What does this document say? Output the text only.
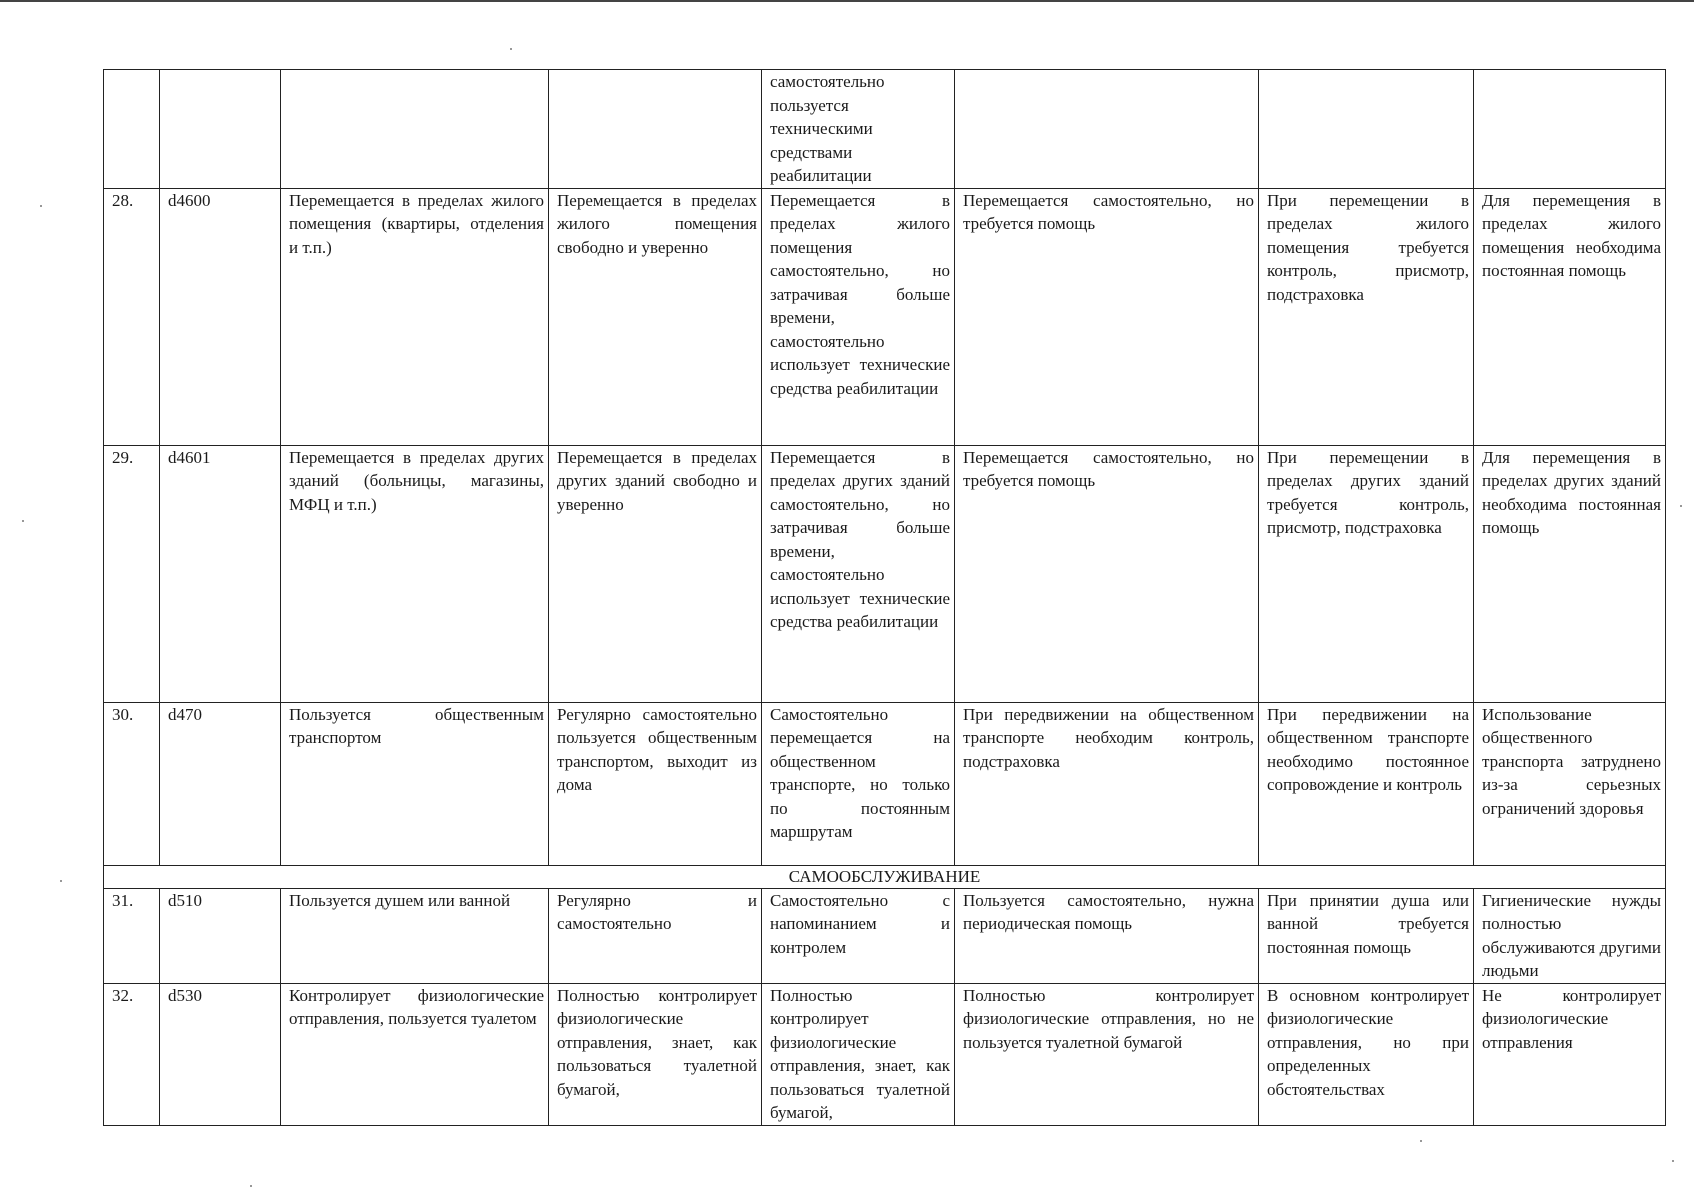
				самостоятельно пользуется техническими средствами реабилитации			
28.	d4600	Перемещается в пределах жилого помещения (квартиры, отделения и т.п.)	Перемещается в пределах жилого помещения свободно и уверенно	Перемещается в пределах жилого помещения самостоятельно, но затрачивая больше времени, самостоятельно использует технические средства реабилитации	Перемещается самостоятельно, но требуется помощь	При перемещении в пределах жилого помещения требуется контроль, присмотр, подстраховка	Для перемещения в пределах жилого помещения необходима постоянная помощь
29.	d4601	Перемещается в пределах других зданий (больницы, магазины, МФЦ и т.п.)	Перемещается в пределах других зданий свободно и уверенно	Перемещается в пределах других зданий самостоятельно, но затрачивая больше времени, самостоятельно использует технические средства реабилитации	Перемещается самостоятельно, но требуется помощь	При перемещении в пределах других зданий требуется контроль, присмотр, подстраховка	Для перемещения в пределах других зданий необходима постоянная помощь
30.	d470	Пользуется общественным транспортом	Регулярно самостоятельно пользуется общественным транспортом, выходит из дома	Самостоятельно перемещается на общественном транспорте, но только по постоянным маршрутам	При передвижении на общественном транспорте необходим контроль, подстраховка	При передвижении на общественном транспорте необходимо постоянное сопровождение и контроль	Использование общественного транспорта затруднено из-за серьезных ограничений здоровья
САМООБСЛУЖИВАНИЕ							
31.	d510	Пользуется душем или ванной	Регулярно и самостоятельно	Самостоятельно с напоминанием и контролем	Пользуется самостоятельно, нужна периодическая помощь	При принятии душа или ванной требуется постоянная помощь	Гигиенические нужды полностью обслуживаются другими людьми
32.	d530	Контролирует физиологические отправления, пользуется туалетом	Полностью контролирует физиологические отправления, знает, как пользоваться туалетной бумагой,	Полностью контролирует физиологические отправления, знает, как пользоваться туалетной бумагой,	Полностью контролирует физиологические отправления, но не пользуется туалетной бумагой	В основном контролирует физиологические отправления, но при определенных обстоятельствах	Не контролирует физиологические отправления
